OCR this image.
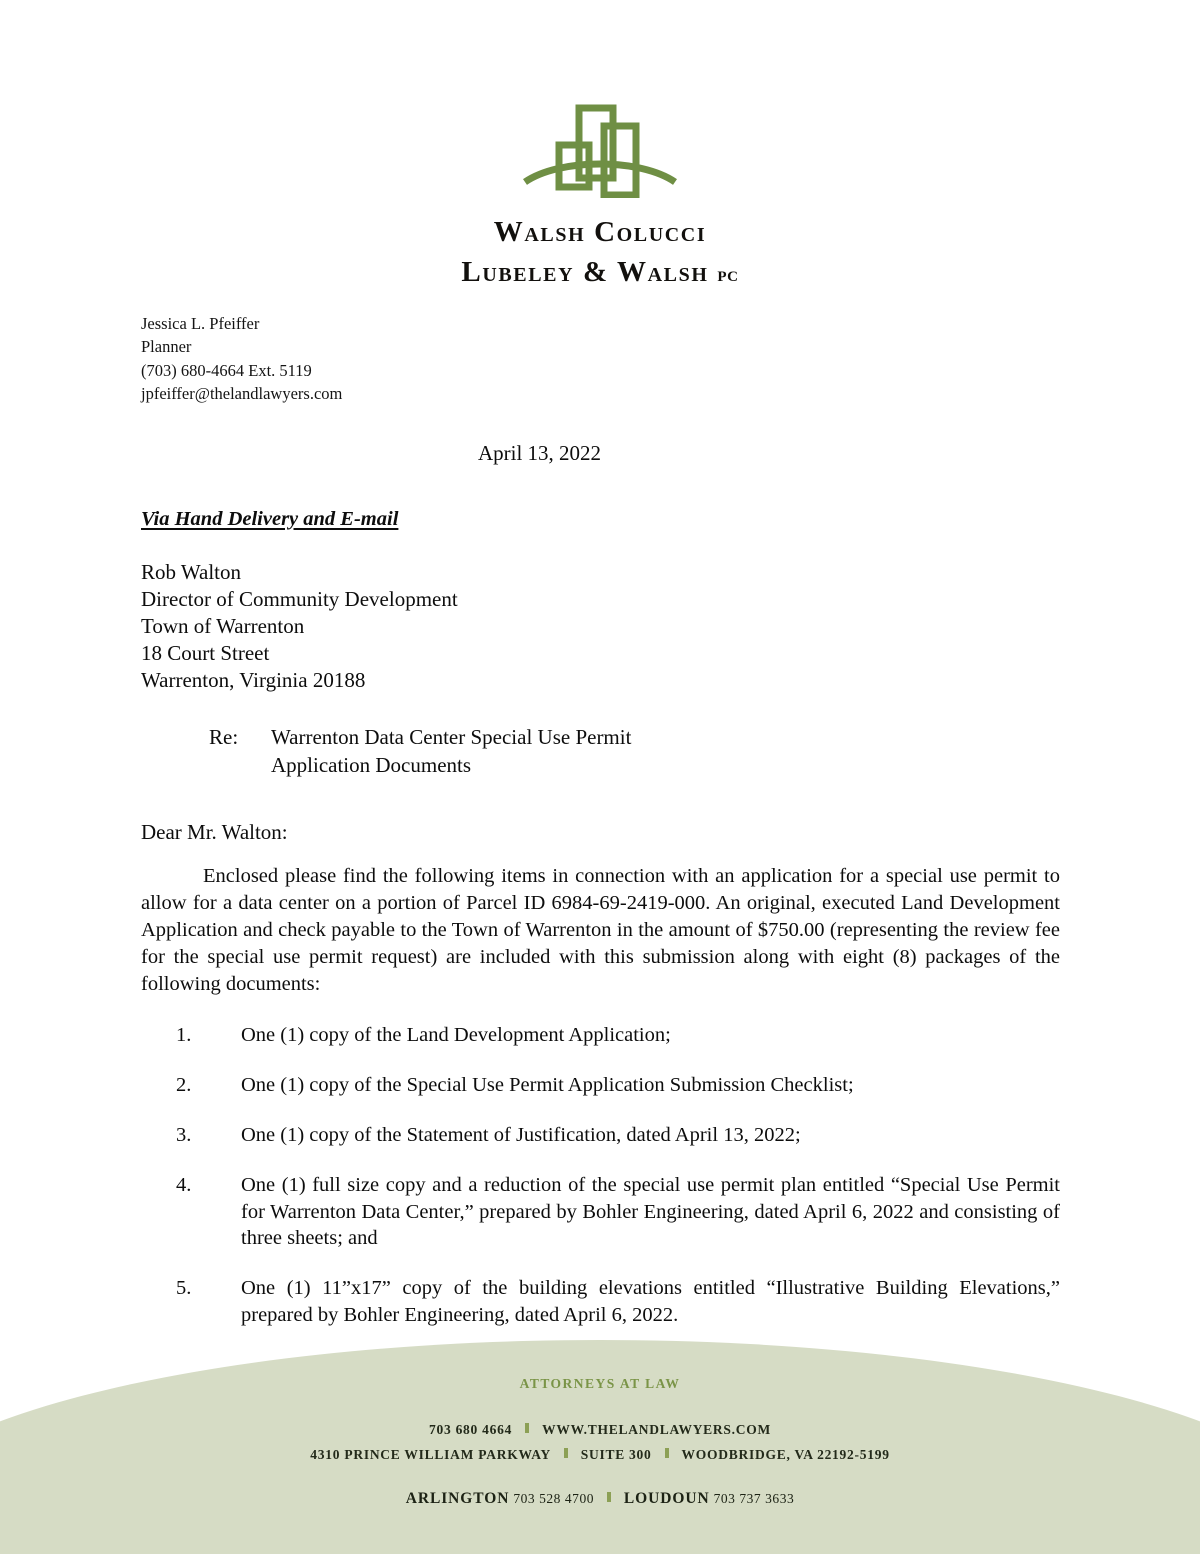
Walsh Colucci
Lubeley & Walsh pc
Jessica L. Pfeiffer
Planner
(703) 680-4664 Ext. 5119
jpfeiffer@thelandlawyers.com
April 13, 2022
Via Hand Delivery and E-mail
Rob Walton
Director of Community Development
Town of Warrenton
18 Court Street
Warrenton, Virginia 20188
Re:	Warrenton Data Center Special Use Permit
Application Documents
Dear Mr. Walton:

Enclosed please find the following items in connection with an application for a special use permit to allow for a data center on a portion of Parcel ID 6984-69-2419-000. An original, executed Land Development Application and check payable to the Town of Warrenton in the amount of $750.00 (representing the review fee for the special use permit request) are included with this submission along with eight (8) packages of the following documents:

1.	One (1) copy of the Land Development Application;
2.	One (1) copy of the Special Use Permit Application Submission Checklist;
3.	One (1) copy of the Statement of Justification, dated April 13, 2022;
4.	One (1) full size copy and a reduction of the special use permit plan entitled “Special Use Permit for Warrenton Data Center,” prepared by Bohler Engineering, dated April 6, 2022 and consisting of three sheets; and
5.	One (1) 11”x17” copy of the building elevations entitled “Illustrative Building Elevations,” prepared by Bohler Engineering, dated April 6, 2022.
ATTORNEYS AT LAW
703 680 4664 WWW.THELANDLAWYERS.COM
4310 PRINCE WILLIAM PARKWAY SUITE 300 WOODBRIDGE, VA 22192-5199
ARLINGTON 703 528 4700 LOUDOUN 703 737 3633
